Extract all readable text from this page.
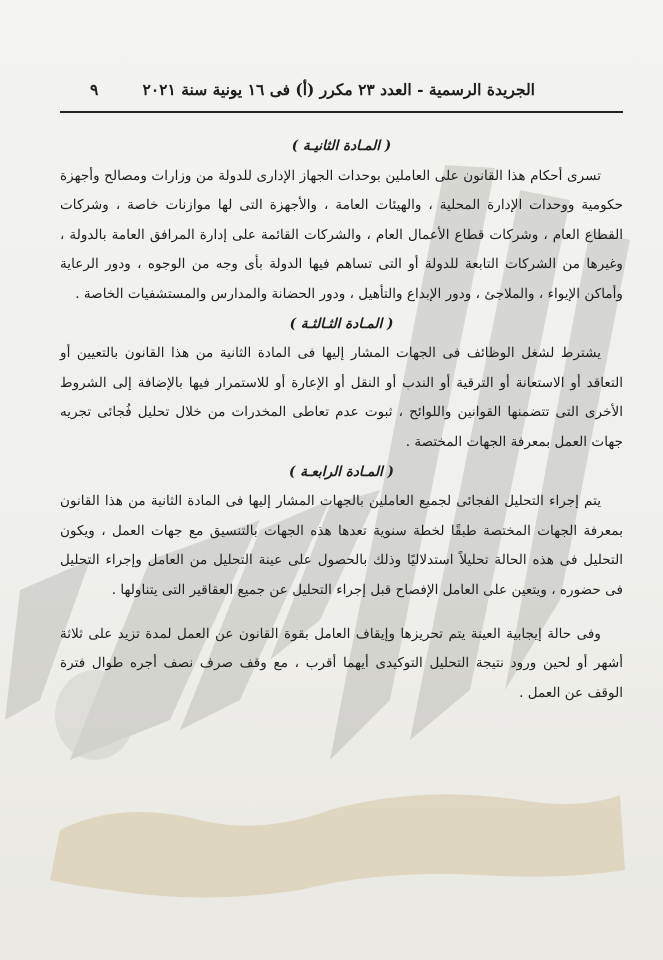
الجريدة الرسمية - العدد ٢٣ مكرر (أ) فى ١٦ يونية سنة ٢٠٢١
٩

( المـادة الثانيـة )

تسرى أحكام هذا القانون على العاملين بوحدات الجهاز الإدارى للدولة من وزارات ومصالح وأجهزة حكومية ووحدات الإدارة المحلية ، والهيئات العامة ، والأجهزة التى لها موازنات خاصة ، وشركات القطاع العام ، وشركات قطاع الأعمال العام ، والشركات القائمة على إدارة المرافق العامة بالدولة ، وغيرها من الشركات التابعة للدولة أو التى تساهم فيها الدولة بأى وجه من الوجوه ، ودور الرعاية وأماكن الإيواء ، والملاجئ ، ودور الإبداع والتأهيل ، ودور الحضانة والمدارس والمستشفيات الخاصة .

( المـادة الثـالثـة )

يشترط لشغل الوظائف فى الجهات المشار إليها فى المادة الثانية من هذا القانون بالتعيين أو التعاقد أو الاستعانة أو الترقية أو الندب أو النقل أو الإعارة أو للاستمرار فيها بالإضافة إلى الشروط الأخرى التى تتضمنها القوانين واللوائح ، ثبوت عدم تعاطى المخدرات من خلال تحليل فُجائى تجريه جهات العمل بمعرفة الجهات المختصة .

( المـادة الرابعـة )

يتم إجراء التحليل الفجائى لجميع العاملين بالجهات المشار إليها فى المادة الثانية من هذا القانون بمعرفة الجهات المختصة طبقًا لخطة سنوية تعدها هذه الجهات بالتنسيق مع جهات العمل ، ويكون التحليل فى هذه الحالة تحليلاً استدلاليًا وذلك بالحصول على عينة التحليل من العامل وإجراء التحليل فى حضوره ، ويتعين على العامل الإفصاح قبل إجراء التحليل عن جميع العقاقير التى يتناولها .

وفى حالة إيجابية العينة يتم تحريزها وإيقاف العامل بقوة القانون عن العمل لمدة تزيد على ثلاثة أشهر أو لحين ورود نتيجة التحليل التوكيدى أيهما أقرب ، مع وقف صرف نصف أجره طوال فترة الوقف عن العمل .
